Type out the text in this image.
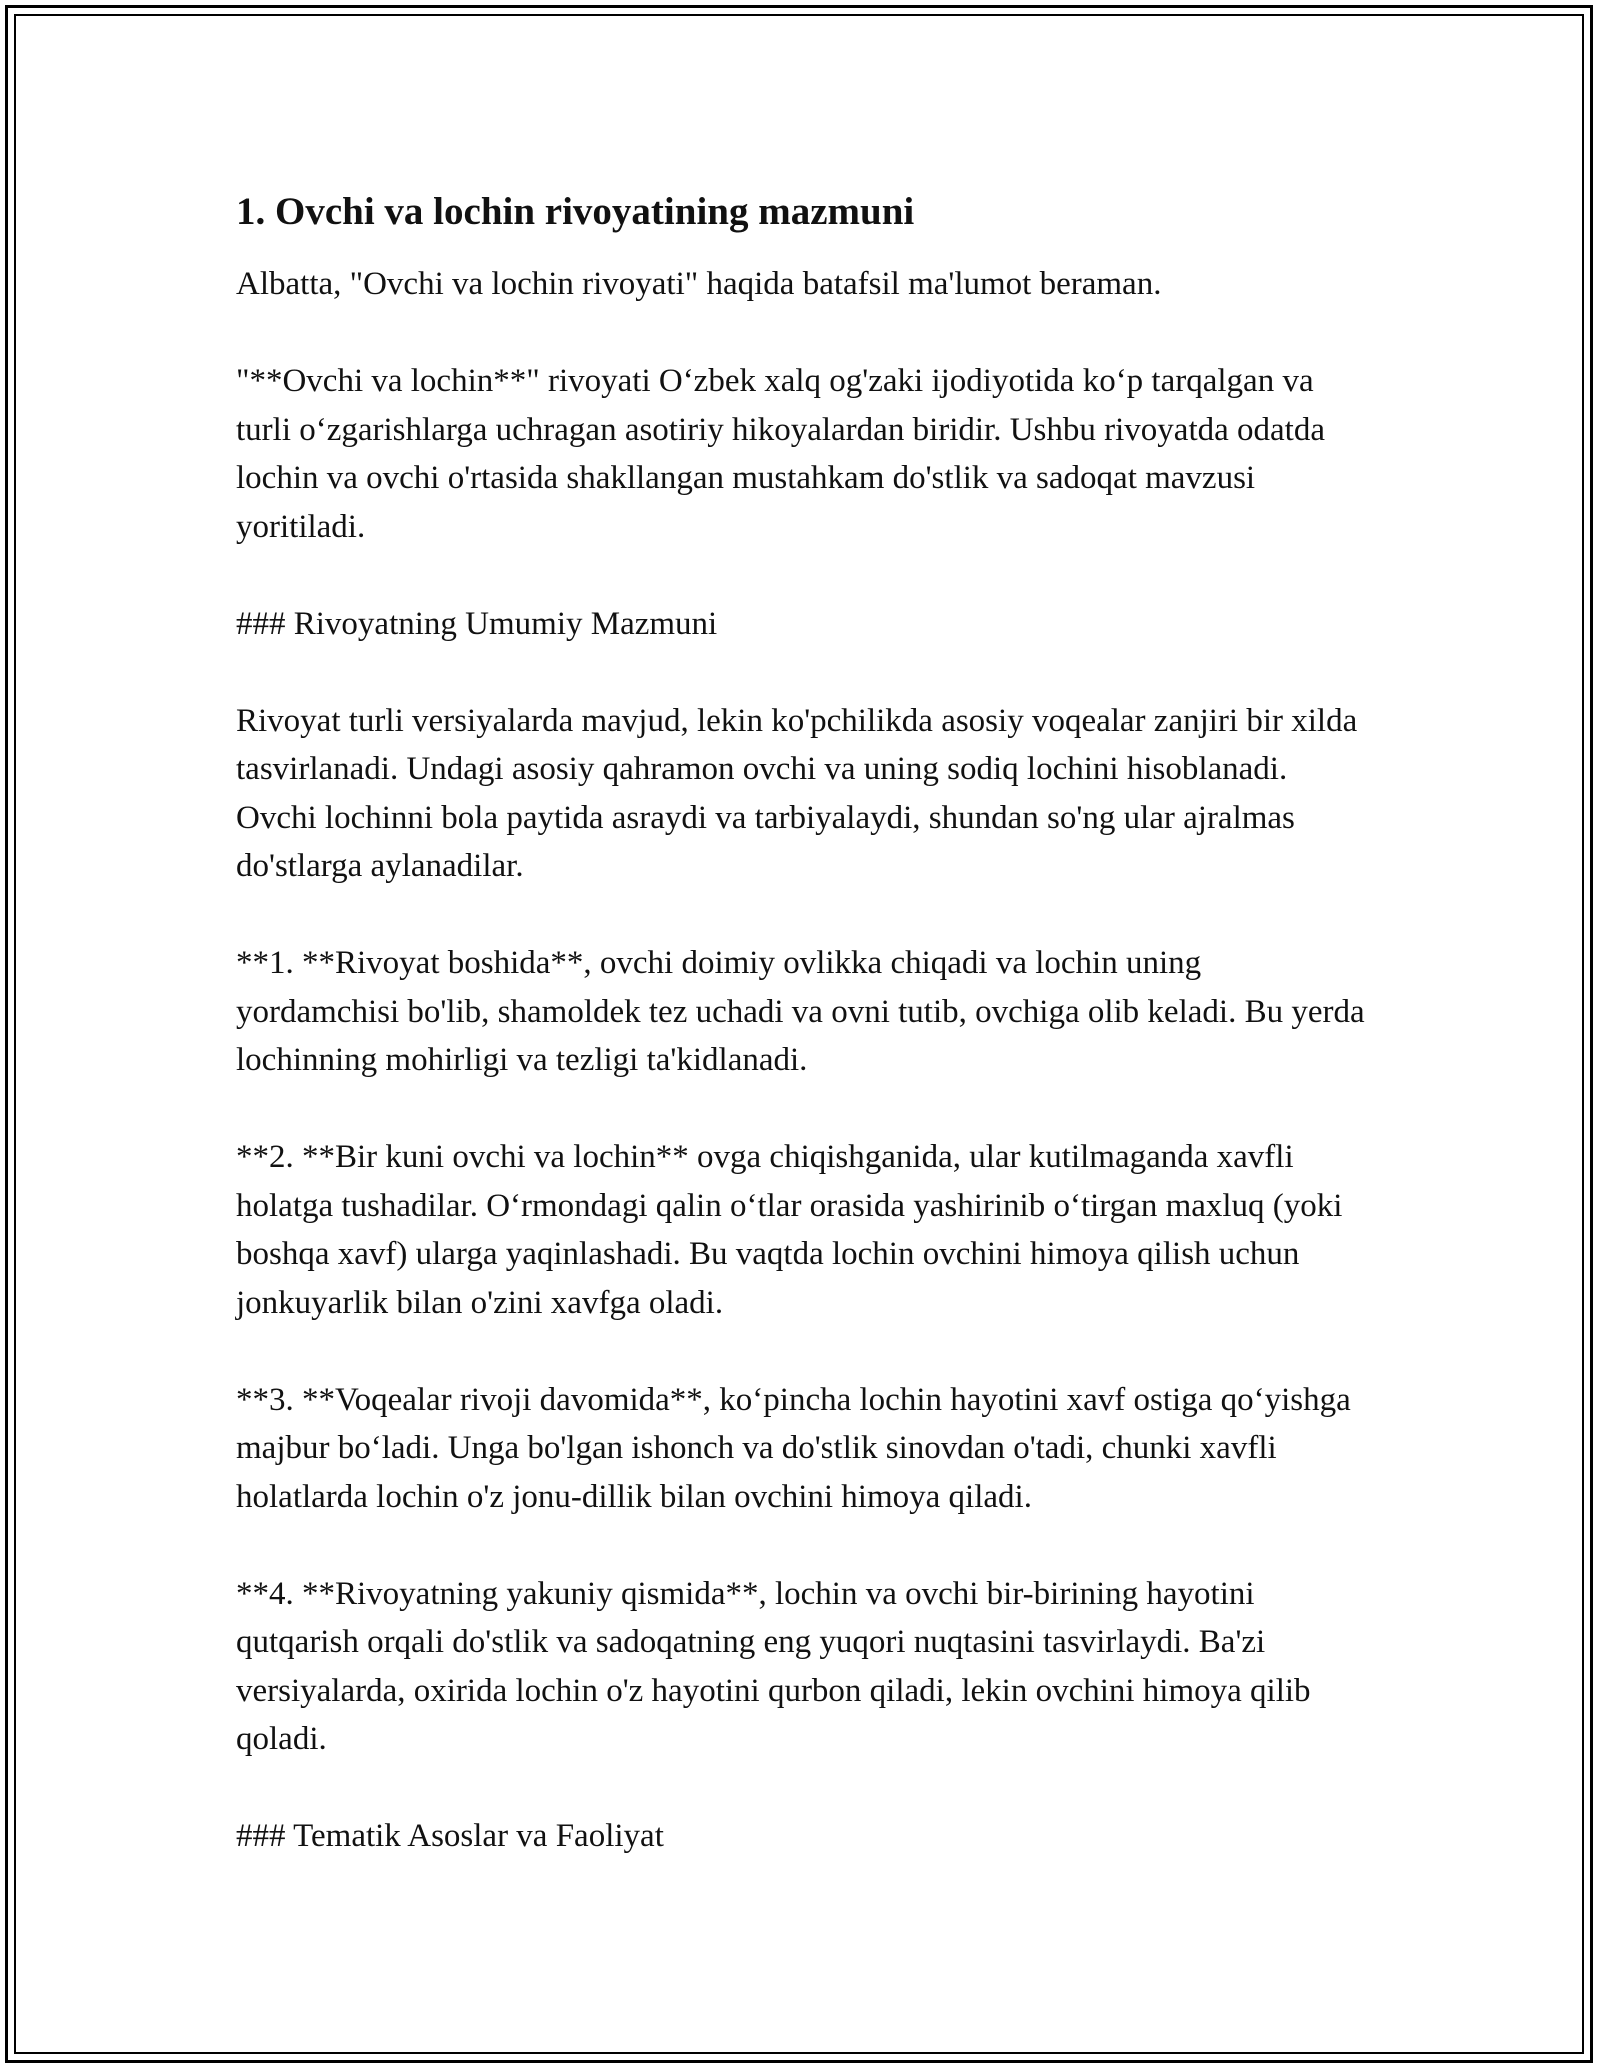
1. Ovchi va lochin rivoyatining mazmuni

Albatta, "Ovchi va lochin rivoyati" haqida batafsil ma'lumot beraman.

"**Ovchi va lochin**" rivoyati O‘zbek xalq og'zaki ijodiyotida ko‘p tarqalgan va turli o‘zgarishlarga uchragan asotiriy hikoyalardan biridir. Ushbu rivoyatda odatda lochin va ovchi o'rtasida shakllangan mustahkam do'stlik va sadoqat mavzusi yoritiladi.

### Rivoyatning Umumiy Mazmuni

Rivoyat turli versiyalarda mavjud, lekin ko'pchilikda asosiy voqealar zanjiri bir xilda tasvirlanadi. Undagi asosiy qahramon ovchi va uning sodiq lochini hisoblanadi. Ovchi lochinni bola paytida asraydi va tarbiyalaydi, shundan so'ng ular ajralmas do'stlarga aylanadilar.

**1. **Rivoyat boshida**, ovchi doimiy ovlikka chiqadi va lochin uning yordamchisi bo'lib, shamoldek tez uchadi va ovni tutib, ovchiga olib keladi. Bu yerda lochinning mohirligi va tezligi ta'kidlanadi.

**2. **Bir kuni ovchi va lochin** ovga chiqishganida, ular kutilmaganda xavfli holatga tushadilar. O‘rmondagi qalin o‘tlar orasida yashirinib o‘tirgan maxluq (yoki boshqa xavf) ularga yaqinlashadi. Bu vaqtda lochin ovchini himoya qilish uchun jonkuyarlik bilan o'zini xavfga oladi.

**3. **Voqealar rivoji davomida**, ko‘pincha lochin hayotini xavf ostiga qo‘yishga majbur bo‘ladi. Unga bo'lgan ishonch va do'stlik sinovdan o'tadi, chunki xavfli holatlarda lochin o'z jonu-dillik bilan ovchini himoya qiladi.

**4. **Rivoyatning yakuniy qismida**, lochin va ovchi bir-birining hayotini qutqarish orqali do'stlik va sadoqatning eng yuqori nuqtasini tasvirlaydi. Ba'zi versiyalarda, oxirida lochin o'z hayotini qurbon qiladi, lekin ovchini himoya qilib qoladi.

### Tematik Asoslar va Faoliyat
